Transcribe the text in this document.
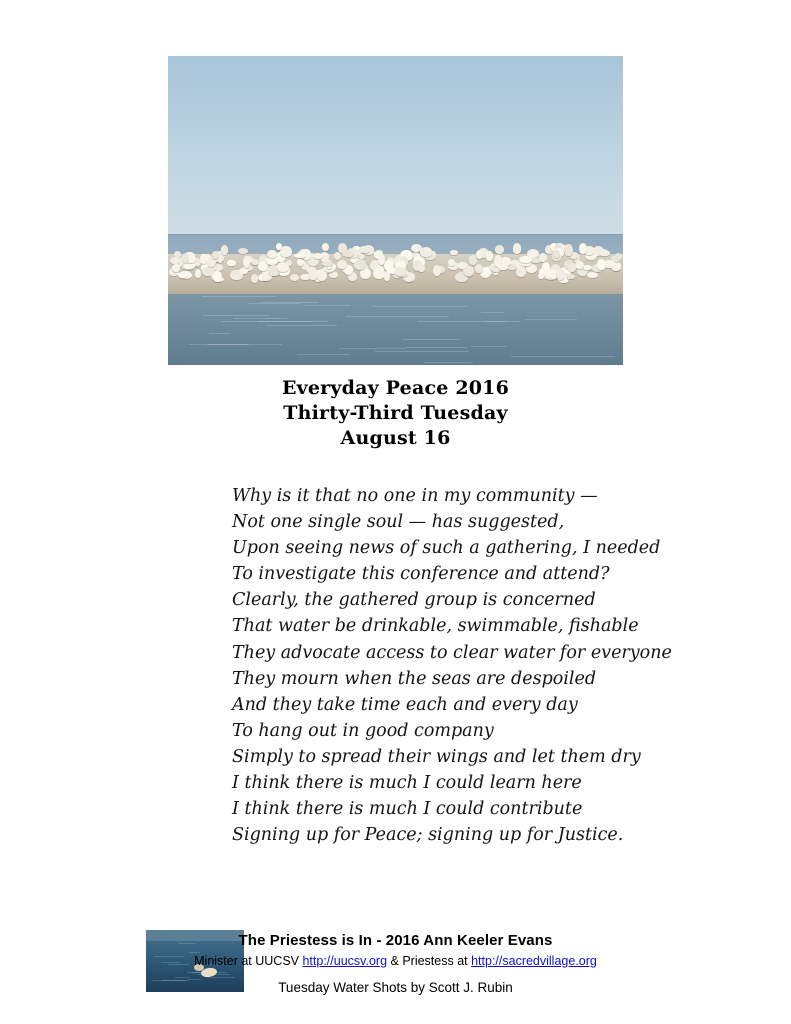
Everyday Peace 2016
Thirty-Third Tuesday
August 16
Why is it that no one in my community —
Not one single soul — has suggested,
Upon seeing news of such a gathering, I needed
To investigate this conference and attend?
Clearly, the gathered group is concerned
That water be drinkable, swimmable, fishable
They advocate access to clear water for everyone
They mourn when the seas are despoiled
And they take time each and every day
To hang out in good company
Simply to spread their wings and let them dry
I think there is much I could learn here
I think there is much I could contribute
Signing up for Peace; signing up for Justice.
The Priestess is In - 2016 Ann Keeler Evans
Minister at UUCSV http://uucsv.org & Priestess at http://sacredvillage.org
Tuesday Water Shots by Scott J. Rubin
